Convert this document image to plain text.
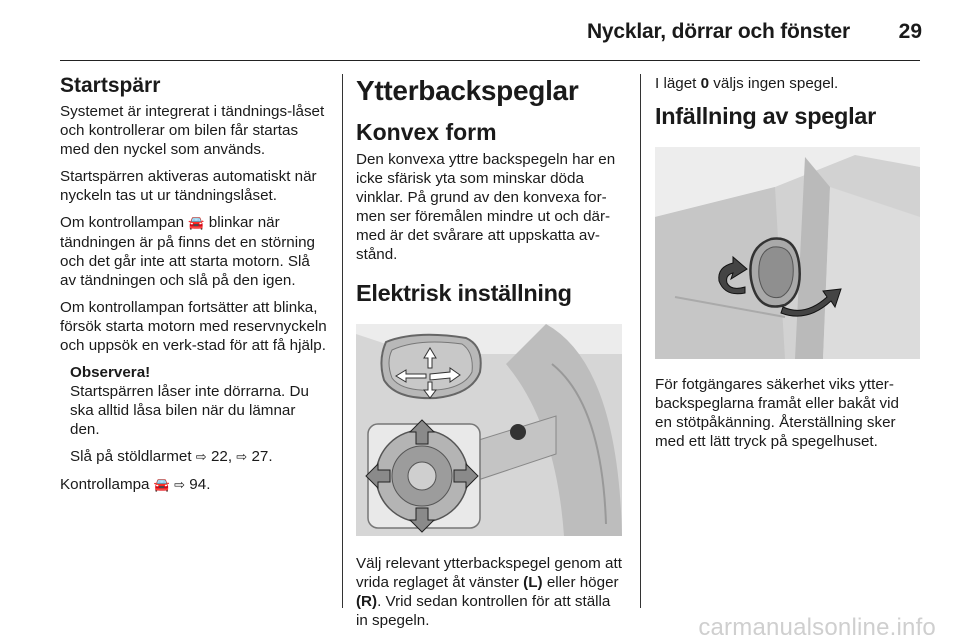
Nycklar, dörrar och fönster 29
Startspärr

Systemet är integrerat i tändnings-låset och kontrollerar om bilen får startas med den nyckel som används.

Startspärren aktiveras automatiskt när nyckeln tas ut ur tändningslåset.

Om kontrollampan 🚘 blinkar när tändningen är på finns det en störning och det går inte att starta motorn. Slå av tändningen och slå på den igen.

Om kontrollampan fortsätter att blinka, försök starta motorn med reservnyckeln och uppsök en verk-stad för att få hjälp.

Observera!

Startspärren låser inte dörrarna. Du ska alltid låsa bilen när du lämnar den.

Slå på stöldlarmet ⇨ 22, ⇨ 27.

Kontrollampa 🚘 ⇨ 94.

Ytterbackspeglar
Konvex form

Den konvexa yttre backspegeln har en icke sfärisk yta som minskar döda vinklar. På grund av den konvexa for-men ser föremålen mindre ut och där-med är det svårare att uppskatta av-stånd.

Elektrisk inställning

Välj relevant ytterbackspegel genom att vrida reglaget åt vänster (L) eller höger (R). Vrid sedan kontrollen för att ställa in spegeln.

I läget 0 väljs ingen spegel.

Infällning av speglar

För fotgängares säkerhet viks ytter-backspeglarna framåt eller bakåt vid en stötpåkänning. Återställning sker med ett lätt tryck på spegelhuset.

carmanualsonline.info
